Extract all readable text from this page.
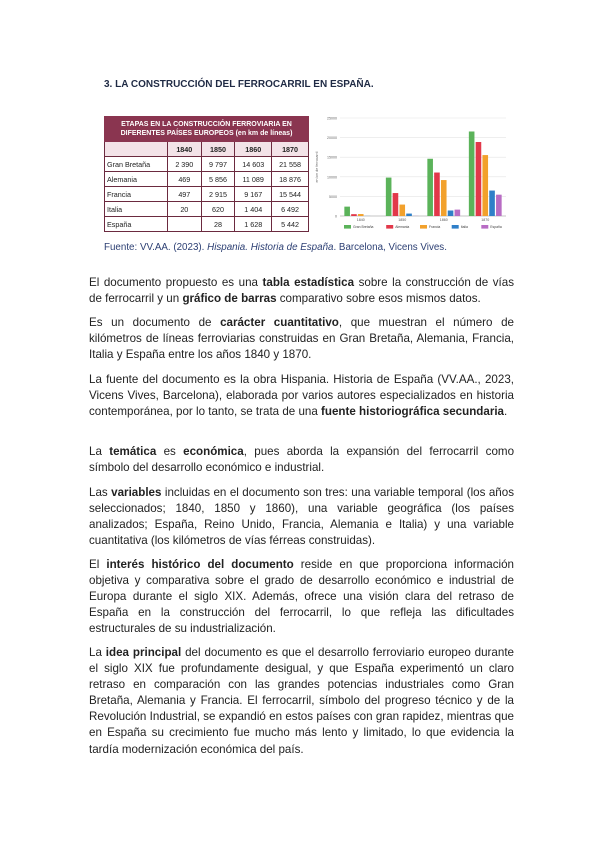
3. LA CONSTRUCCIÓN DEL FERROCARRIL EN ESPAÑA.
ETAPAS EN LA CONSTRUCCIÓN FERROVIARIA EN DIFERENTES PAÍSES EUROPEOS (en km de líneas)				
	1840	1850	1860	1870
Gran Bretaña	2 390	9 797	14 603	21 558
Alemania	469	5 856	11 089	18 876
Francia	497	2 915	9 167	15 544
Italia	20	620	1 404	6 492
España		28	1 628	5 442
0
5000
10000
15000
20000
25000
en km de ferrocarril
1840	1850	1860	1870
Gran Bretaña	Alemania	Francia	Italia	España
Fuente: VV.AA. (2023). Hispania. Historia de España. Barcelona, Vicens Vives.

El documento propuesto es una tabla estadística sobre la construcción de vías de ferrocarril y un gráfico de barras comparativo sobre esos mismos datos.

Es un documento de carácter cuantitativo, que muestran el número de kilómetros de líneas ferroviarias construidas en Gran Bretaña, Alemania, Francia, Italia y España entre los años 1840 y 1870.

La fuente del documento es la obra Hispania. Historia de España (VV.AA., 2023, Vicens Vives, Barcelona), elaborada por varios autores especializados en historia contemporánea, por lo tanto, se trata de una fuente historiográfica secundaria.

La temática es económica, pues aborda la expansión del ferrocarril como símbolo del desarrollo económico e industrial.

Las variables incluidas en el documento son tres: una variable temporal (los años seleccionados; 1840, 1850 y 1860), una variable geográfica (los países analizados; España, Reino Unido, Francia, Alemania e Italia) y una variable cuantitativa (los kilómetros de vías férreas construidas).

El interés histórico del documento reside en que proporciona información objetiva y comparativa sobre el grado de desarrollo económico e industrial de Europa durante el siglo XIX. Además, ofrece una visión clara del retraso de España en la construcción del ferrocarril, lo que refleja las dificultades estructurales de su industrialización.

La idea principal del documento es que el desarrollo ferroviario europeo durante el siglo XIX fue profundamente desigual, y que España experimentó un claro retraso en comparación con las grandes potencias industriales como Gran Bretaña, Alemania y Francia. El ferrocarril, símbolo del progreso técnico y de la Revolución Industrial, se expandió en estos países con gran rapidez, mientras que en España su crecimiento fue mucho más lento y limitado, lo que evidencia la tardía modernización económica del país.
